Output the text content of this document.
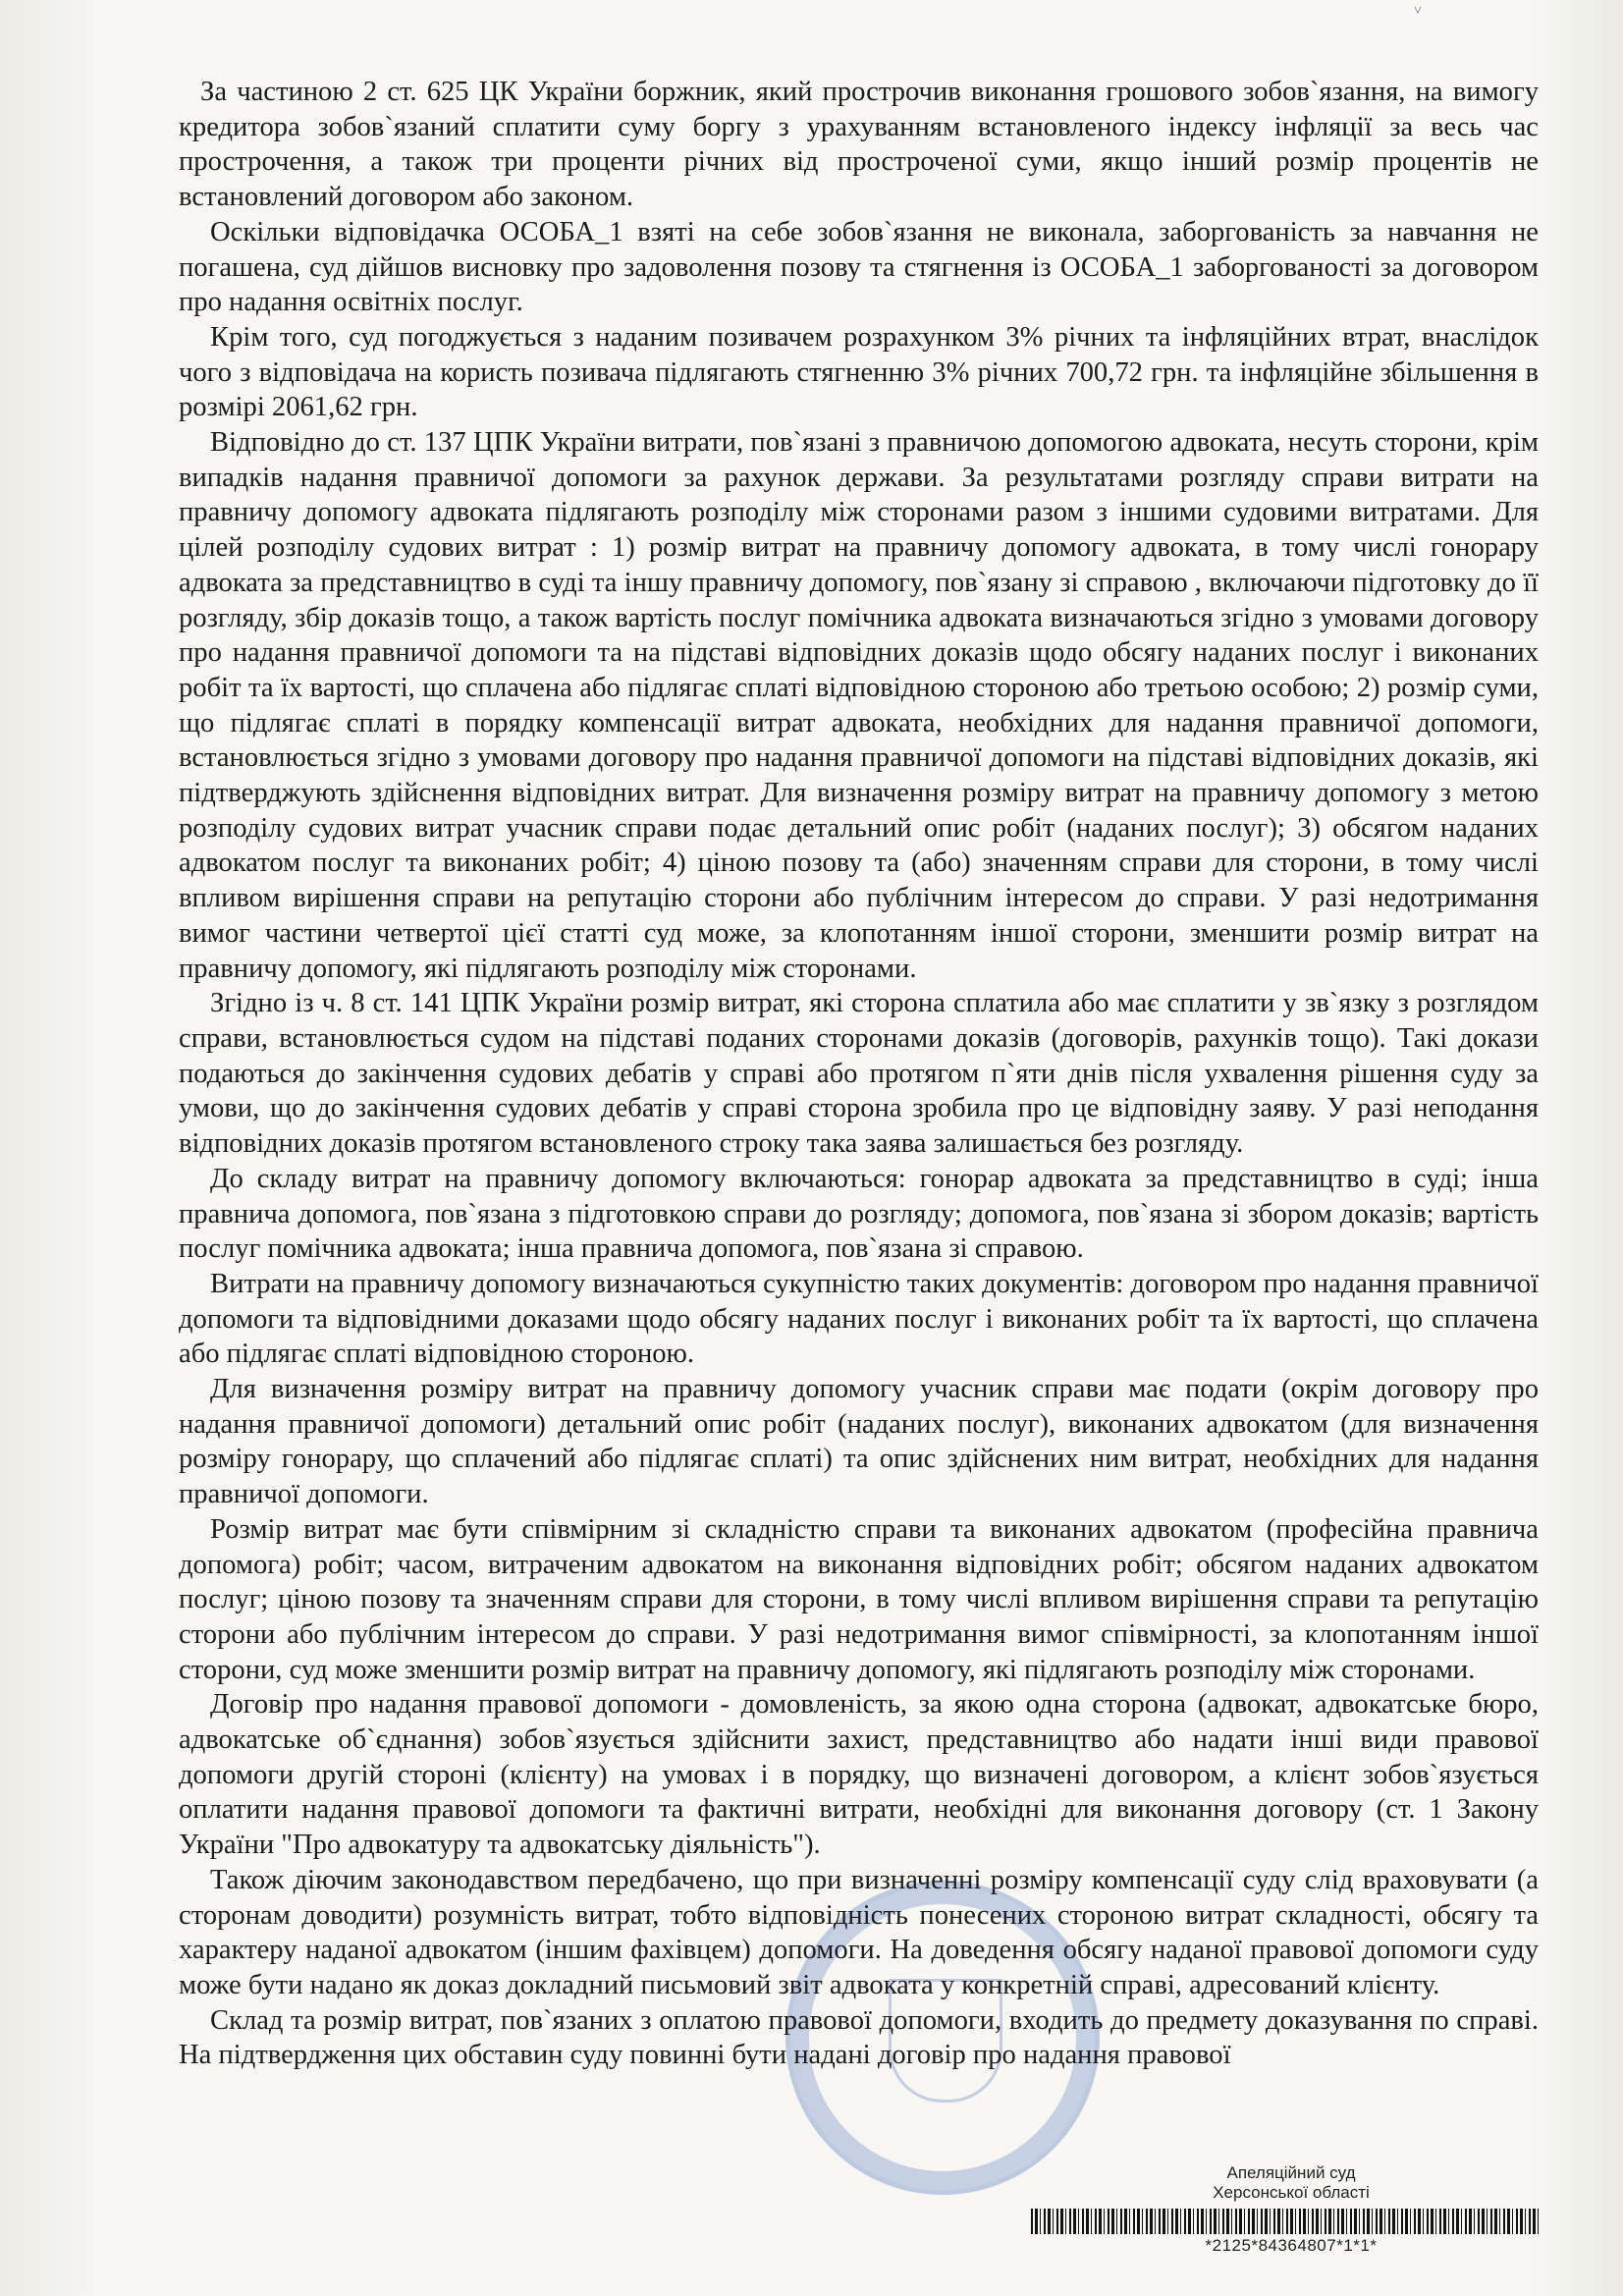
˅

За частиною 2 ст. 625 ЦК України боржник, який прострочив виконання грошового зобов`язання, на вимогу кредитора зобов`язаний сплатити суму боргу з урахуванням встановленого індексу інфляції за весь час прострочення, а також три проценти річних від простроченої суми, якщо інший розмір процентів не встановлений договором або законом.

Оскільки відповідачка ОСОБА_1 взяті на себе зобов`язання не виконала, заборгованість за навчання не погашена, суд дійшов висновку про задоволення позову та стягнення із ОСОБА_1 заборгованості за договором про надання освітніх послуг.

Крім того, суд погоджується з наданим позивачем розрахунком 3% річних та інфляційних втрат, внаслідок чого з відповідача на користь позивача підлягають стягненню 3% річних 700,72 грн. та інфляційне збільшення в розмірі 2061,62 грн.

Відповідно до ст. 137 ЦПК України витрати, пов`язані з правничою допомогою адвоката, несуть сторони, крім випадків надання правничої допомоги за рахунок держави. За результатами розгляду справи витрати на правничу допомогу адвоката підлягають розподілу між сторонами разом з іншими судовими витратами. Для цілей розподілу судових витрат : 1) розмір витрат на правничу допомогу адвоката, в тому числі гонорару адвоката за представництво в суді та іншу правничу допомогу, пов`язану зі справою , включаючи підготовку до її розгляду, збір доказів тощо, а також вартість послуг помічника адвоката визначаються згідно з умовами договору про надання правничої допомоги та на підставі відповідних доказів щодо обсягу наданих послуг і виконаних робіт та їх вартості, що сплачена або підлягає сплаті відповідною стороною або третьою особою; 2) розмір суми, що підлягає сплаті в порядку компенсації витрат адвоката, необхідних для надання правничої допомоги, встановлюється згідно з умовами договору про надання правничої допомоги на підставі відповідних доказів, які підтверджують здійснення відповідних витрат. Для визначення розміру витрат на правничу допомогу з метою розподілу судових витрат учасник справи подає детальний опис робіт (наданих послуг); 3) обсягом наданих адвокатом послуг та виконаних робіт; 4) ціною позову та (або) значенням справи для сторони, в тому числі впливом вирішення справи на репутацію сторони або публічним інтересом до справи. У разі недотримання вимог частини четвертої цієї статті суд може, за клопотанням іншої сторони, зменшити розмір витрат на правничу допомогу, які підлягають розподілу між сторонами.

Згідно із ч. 8 ст. 141 ЦПК України розмір витрат, які сторона сплатила або має сплатити у зв`язку з розглядом справи, встановлюється судом на підставі поданих сторонами доказів (договорів, рахунків тощо). Такі докази подаються до закінчення судових дебатів у справі або протягом п`яти днів після ухвалення рішення суду за умови, що до закінчення судових дебатів у справі сторона зробила про це відповідну заяву. У разі неподання відповідних доказів протягом встановленого строку така заява залишається без розгляду.

До складу витрат на правничу допомогу включаються: гонорар адвоката за представництво в суді; інша правнича допомога, пов`язана з підготовкою справи до розгляду; допомога, пов`язана зі збором доказів; вартість послуг помічника адвоката; інша правнича допомога, пов`язана зі справою.

Витрати на правничу допомогу визначаються сукупністю таких документів: договором про надання правничої допомоги та відповідними доказами щодо обсягу наданих послуг і виконаних робіт та їх вартості, що сплачена або підлягає сплаті відповідною стороною.

Для визначення розміру витрат на правничу допомогу учасник справи має подати (окрім договору про надання правничої допомоги) детальний опис робіт (наданих послуг), виконаних адвокатом (для визначення розміру гонорару, що сплачений або підлягає сплаті) та опис здійснених ним витрат, необхідних для надання правничої допомоги.

Розмір витрат має бути співмірним зі складністю справи та виконаних адвокатом (професійна правнича допомога) робіт; часом, витраченим адвокатом на виконання відповідних робіт; обсягом наданих адвокатом послуг; ціною позову та значенням справи для сторони, в тому числі впливом вирішення справи та репутацію сторони або публічним інтересом до справи. У разі недотримання вимог співмірності, за клопотанням іншої сторони, суд може зменшити розмір витрат на правничу допомогу, які підлягають розподілу між сторонами.

Договір про надання правової допомоги - домовленість, за якою одна сторона (адвокат, адвокатське бюро, адвокатське об`єднання) зобов`язується здійснити захист, представництво або надати інші види правової допомоги другій стороні (клієнту) на умовах і в порядку, що визначені договором, а клієнт зобов`язується оплатити надання правової допомоги та фактичні витрати, необхідні для виконання договору (ст. 1 Закону України "Про адвокатуру та адвокатську діяльність").

Також діючим законодавством передбачено, що при визначенні розміру компенсації суду слід враховувати (а сторонам доводити) розумність витрат, тобто відповідність понесених стороною витрат складності, обсягу та характеру наданої адвокатом (іншим фахівцем) допомоги. На доведення обсягу наданої правової допомоги суду може бути надано як доказ докладний письмовий звіт адвоката у конкретній справі, адресований клієнту.

Склад та розмір витрат, пов`язаних з оплатою правової допомоги, входить до предмету доказування по справі. На підтвердження цих обставин суду повинні бути надані договір про надання правової

Апеляційний суд
Херсонської області
*2125*84364807*1*1*
